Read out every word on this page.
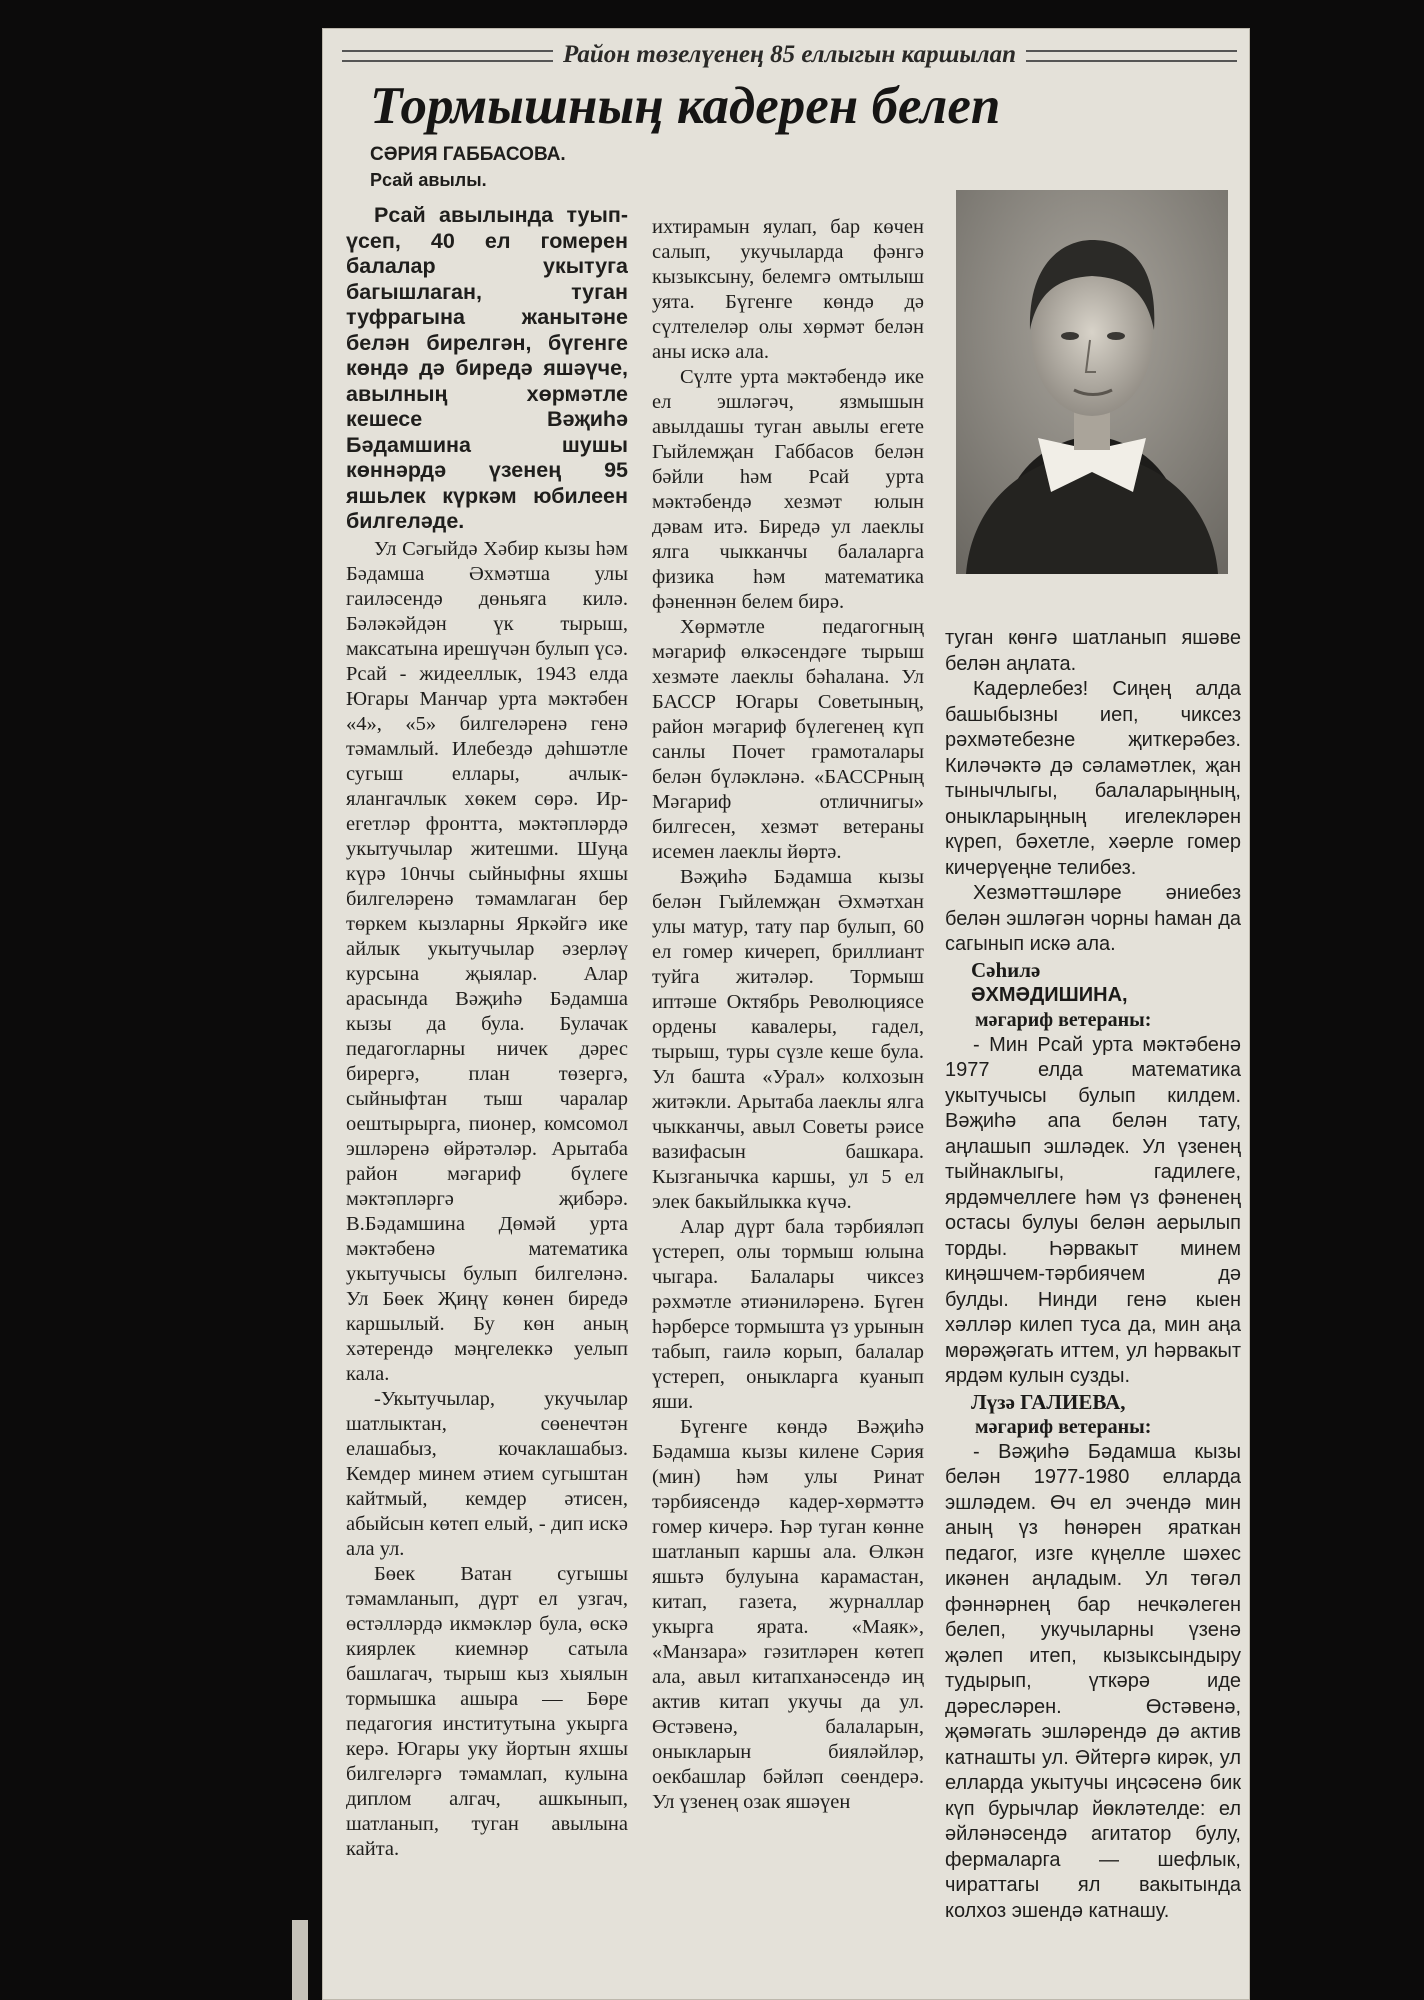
Район төзелүенең 85 еллыгын каршылап
Тормышның кадерен белеп
СӘРИЯ ГАББАСОВА.
Рсай авылы.

Рсай авылында туып-үсеп, 40 ел гомерен балалар укытуга багышлаган, туган туфрагына жанытәне белән бирелгән, бүгенге көндә дә биредә яшәүче, авылның хөрмәтле кешесе Вәҗиһә Бәдамшина шушы көннәрдә үзенең 95 яшьлек күркәм юбилеен билгеләде.

Ул Сәгыйдә Хәбир кызы һәм Бәдамша Әхмәтша улы гаиләсендә дөньяга килә. Бәләкәйдән үк тырыш, максатына ирешүчән булып үсә. Рсай - жидееллык, 1943 елда Югары Манчар урта мәктәбен «4», «5» билгеләренә генә тәмамлый. Илебездә дәһшәтле сугыш еллары, ачлык-ялангачлык хөкем сөрә. Ир-егетләр фронтта, мәктәпләрдә укытучылар житешми. Шуңа күрә 10нчы сыйныфны яхшы билгеләренә тәмамлаган бер төркем кызларны Яркәйгә ике айлык укытучылар әзерләү курсына җыялар. Алар арасында Вәҗиһә Бәдамша кызы да була. Булачак педагогларны ничек дәрес бирергә, план төзергә, сыйныфтан тыш чаралар оештырырга, пионер, комсомол эшләренә өйрәтәләр. Арытаба район мәгариф бүлеге мәктәпләргә җибәрә. В.Бәдамшина Дөмәй урта мәктәбенә математика укытучысы булып билгеләнә. Ул Бөек Җиңү көнен биредә каршылый. Бу көн аның хәтерендә мәңгелеккә уелып кала.

-Укытучылар, укучылар шатлыктан, сөенечтән елашабыз, кочаклашабыз. Кемдер минем әтием сугыштан кайтмый, кемдер әтисен, абыйсын көтеп елый, - дип искә ала ул.

Бөек Ватан сугышы тәмамланып, дүрт ел узгач, өстәлләрдә икмәкләр була, өскә киярлек киемнәр сатыла башлагач, тырыш кыз хыялын тормышка ашыра — Бөре педагогия институтына укырга керә. Югары уку йортын яхшы билгеләргә тәмамлап, кулына диплом алгач, ашкынып, шатланып, туган авылына кайта.

ихтирамын яулап, бар көчен салып, укучыларда фәнгә кызыксыну, белемгә омтылыш уята. Бүгенге көндә дә сүлтелеләр олы хөрмәт белән аны искә ала.

Сүлте урта мәктәбендә ике ел эшләгәч, язмышын авылдашы туган авылы егете Гыйлемҗан Габбасов белән бәйли һәм Рсай урта мәктәбендә хезмәт юлын дәвам итә. Биредә ул лаеклы ялга чыкканчы балаларга физика һәм математика фәненнән белем бирә.

Хөрмәтле педагогның мәгариф өлкәсендәге тырыш хезмәте лаеклы бәһалана. Ул БАССР Югары Советының, район мәгариф бүлегенең күп санлы Почет грамоталары белән бүләкләнә. «БАССРның Мәгариф отличнигы» билгесен, хезмәт ветераны исемен лаеклы йөртә.

Вәҗиһә Бәдамша кызы белән Гыйлемҗан Әхмәтхан улы матур, тату пар булып, 60 ел гомер кичереп, бриллиант туйга житәләр. Тормыш иптәше Октябрь Революциясе ордены кавалеры, гадел, тырыш, туры сүзле кеше була. Ул башта «Урал» колхозын житәкли. Арытаба лаеклы ялга чыкканчы, авыл Советы рәисе вазифасын башкара. Кызганычка каршы, ул 5 ел элек бакыйлыкка күчә.

Алар дүрт бала тәрбияләп үстереп, олы тормыш юлына чыгара. Балалары чиксез рәхмәтле әтиәниләренә. Бүген һәрберсе тормышта үз урынын табып, гаилә корып, балалар үстереп, оныкларга куанып яши.

Бүгенге көндә Вәҗиһә Бәдамша кызы килене Сәрия (мин) һәм улы Ринат тәрбиясендә кадер-хөрмәттә гомер кичерә. Һәр туган көнне шатланып каршы ала. Өлкән яшьтә булуына карамастан, китап, газета, журналлар укырга ярата. «Маяк», «Манзара» гәзитләрен көтеп ала, авыл китапханәсендә иң актив китап укучы да ул. Өстәвенә, балаларын, оныкларын бияләйләр, оекбашлар бәйләп сөендерә. Ул үзенең озак яшәүен

туган көнгә шатланып яшәве белән аңлата.

Кадерлебез! Сиңең алда башыбызны иеп, чиксез рәхмәтебезне җиткерәбез. Киләчәктә дә сәламәтлек, җан тынычлыгы, балаларыңның, оныкларыңның игелекләрен күреп, бәхетле, хәерле гомер кичерүеңне телибез.

Хезмәттәшләре әниебез белән эшләгән чорны һаман да сагынып искә ала.

Сәһилә
ӘХМӘДИШИНА,
мәгариф ветераны:

- Мин Рсай урта мәктәбенә 1977 елда математика укытучысы булып килдем. Вәҗиһә апа белән тату, аңлашып эшләдек. Ул үзенең тыйнаклыгы, гадилеге, ярдәмчеллеге һәм үз фәненең остасы булуы белән аерылып торды. Һәрвакыт минем киңәшчем-тәрбиячем дә булды. Нинди генә кыен хәлләр килеп туса да, мин аңа мөрәҗәгать иттем, ул һәрвакыт ярдәм кулын сузды.

Лүзә ГАЛИЕВА,
мәгариф ветераны:

- Вәҗиһә Бәдамша кызы белән 1977-1980 елларда эшләдем. Өч ел эчендә мин аның үз һөнәрен яраткан педагог, изге күңелле шәхес икәнен аңладым. Ул төгәл фәннәрнең бар нечкәлеген белеп, укучыларны үзенә җәлеп итеп, кызыксындыру тудырып, үткәрә иде дәресләрен. Өстәвенә, җәмәгать эшләрендә дә актив катнашты ул. Әйтергә кирәк, ул елларда укытучы иңсәсенә бик күп бурычлар йөкләтелде: ел әйләнәсендә агитатор булу, фермаларга — шефлык, чираттагы ял вакытында колхоз эшендә катнашу.
